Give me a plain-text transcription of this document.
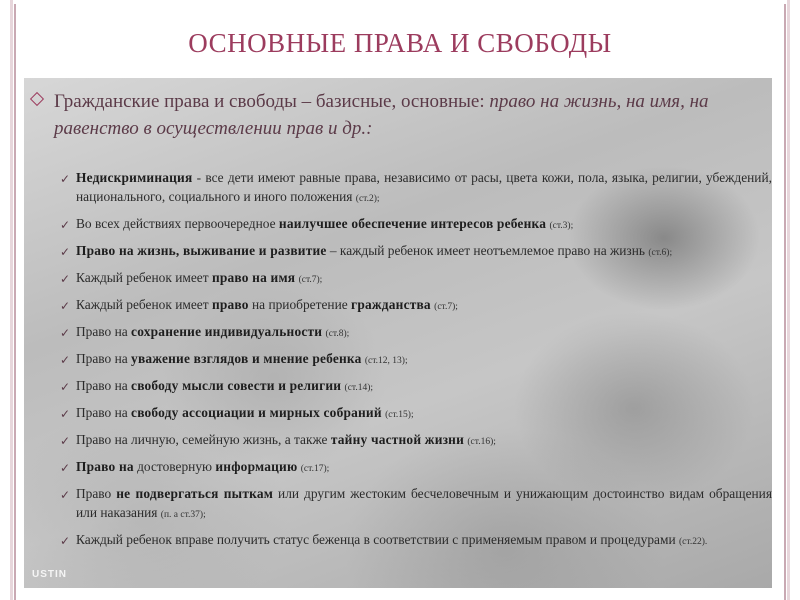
ОСНОВНЫЕ ПРАВА И СВОБОДЫ
Гражданские права и свободы – базисные, основные: право на жизнь, на имя, на равенство в осуществлении прав и др.:
✓ Недискриминация - все дети имеют равные права, независимо от расы, цвета кожи, пола, языка, религии, убеждений, национального, социального и иного положения (ст.2);
✓ Во всех действиях первоочередное наилучшее обеспечение интересов ребенка (ст.3);
✓ Право на жизнь, выживание и развитие – каждый ребенок имеет неотъемлемое право на жизнь (ст.6);
✓ Каждый ребенок имеет право на имя (ст.7);
✓ Каждый ребенок имеет право на приобретение гражданства (ст.7);
✓ Право на сохранение индивидуальности (ст.8);
✓ Право на уважение взглядов и мнение ребенка (ст.12, 13);
✓ Право на свободу мысли совести и религии (ст.14);
✓ Право на свободу ассоциации и мирных собраний (ст.15);
✓ Право на личную, семейную жизнь, а также тайну частной жизни (ст.16);
✓ Право на достоверную информацию (ст.17);
✓ Право не подвергаться пыткам или другим жестоким бесчеловечным и унижающим достоинство видам обращения или наказания (п. а ст.37);
✓ Каждый ребенок вправе получить статус беженца в соответствии с применяемым правом и процедурами (ст.22).
USTIN
